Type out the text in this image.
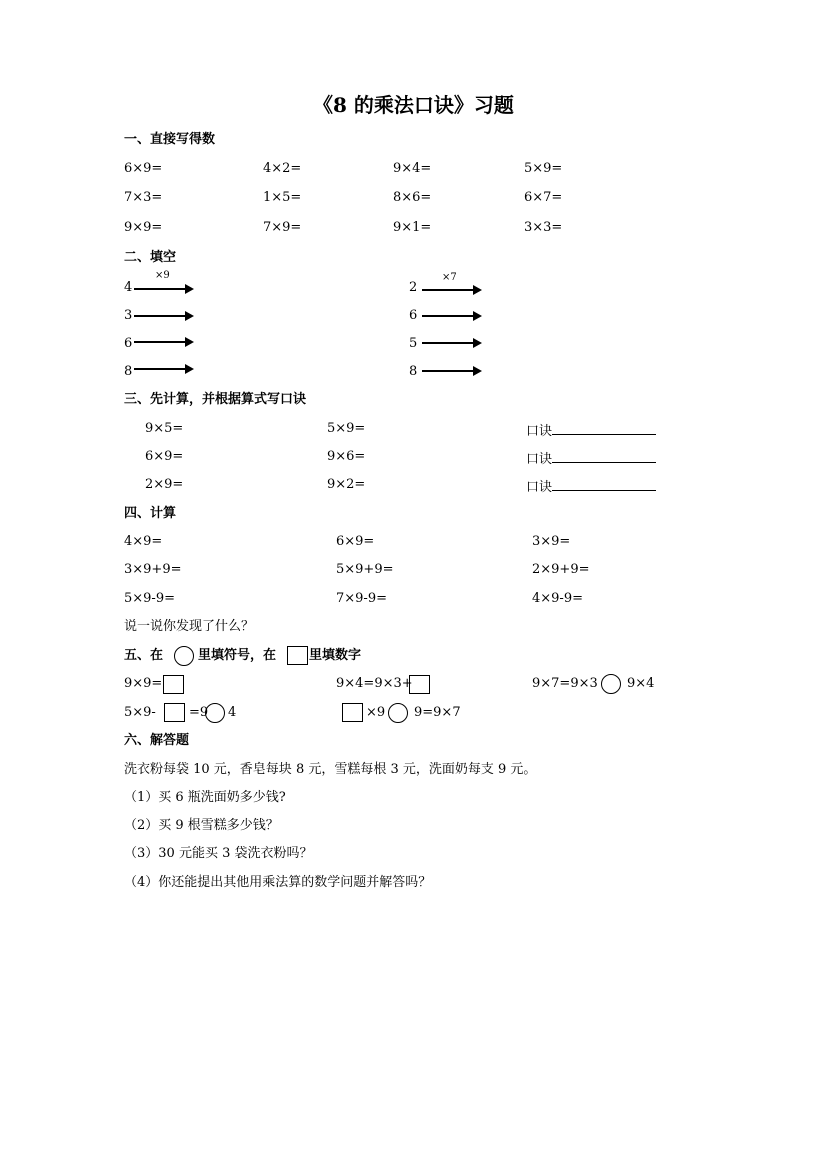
《8 的乘法口诀》习题
一、直接写得数
6×9=	4×2=	9×4=	5×9=
7×3=	1×5=	8×6=	6×7=
9×9=	7×9=	9×1=	3×3=
二、填空
×9	×7
4
3
6
8
2
6
5
8
三、先计算，并根据算式写口诀
9×5=	5×9=	口诀
6×9=	9×6=	口诀
2×9=	9×2=	口诀
四、计算
4×9=	6×9=	3×9=
3×9+9=	5×9+9=	2×9+9=
5×9-9=	7×9-9=	4×9-9=
说一说你发现了什么？
五、在	里填符号，在	里填数字
9×9=	9×4=9×3+	9×7=9×3 9×4
5×9-	=9 4	×9 9=9×7
六、解答题
洗衣粉每袋 10 元，香皂每块 8 元，雪糕每根 3 元，洗面奶每支 9 元。
（1）买 6 瓶洗面奶多少钱?
（2）买 9 根雪糕多少钱？
（3）30 元能买 3 袋洗衣粉吗？
（4）你还能提出其他用乘法算的数学问题并解答吗？
